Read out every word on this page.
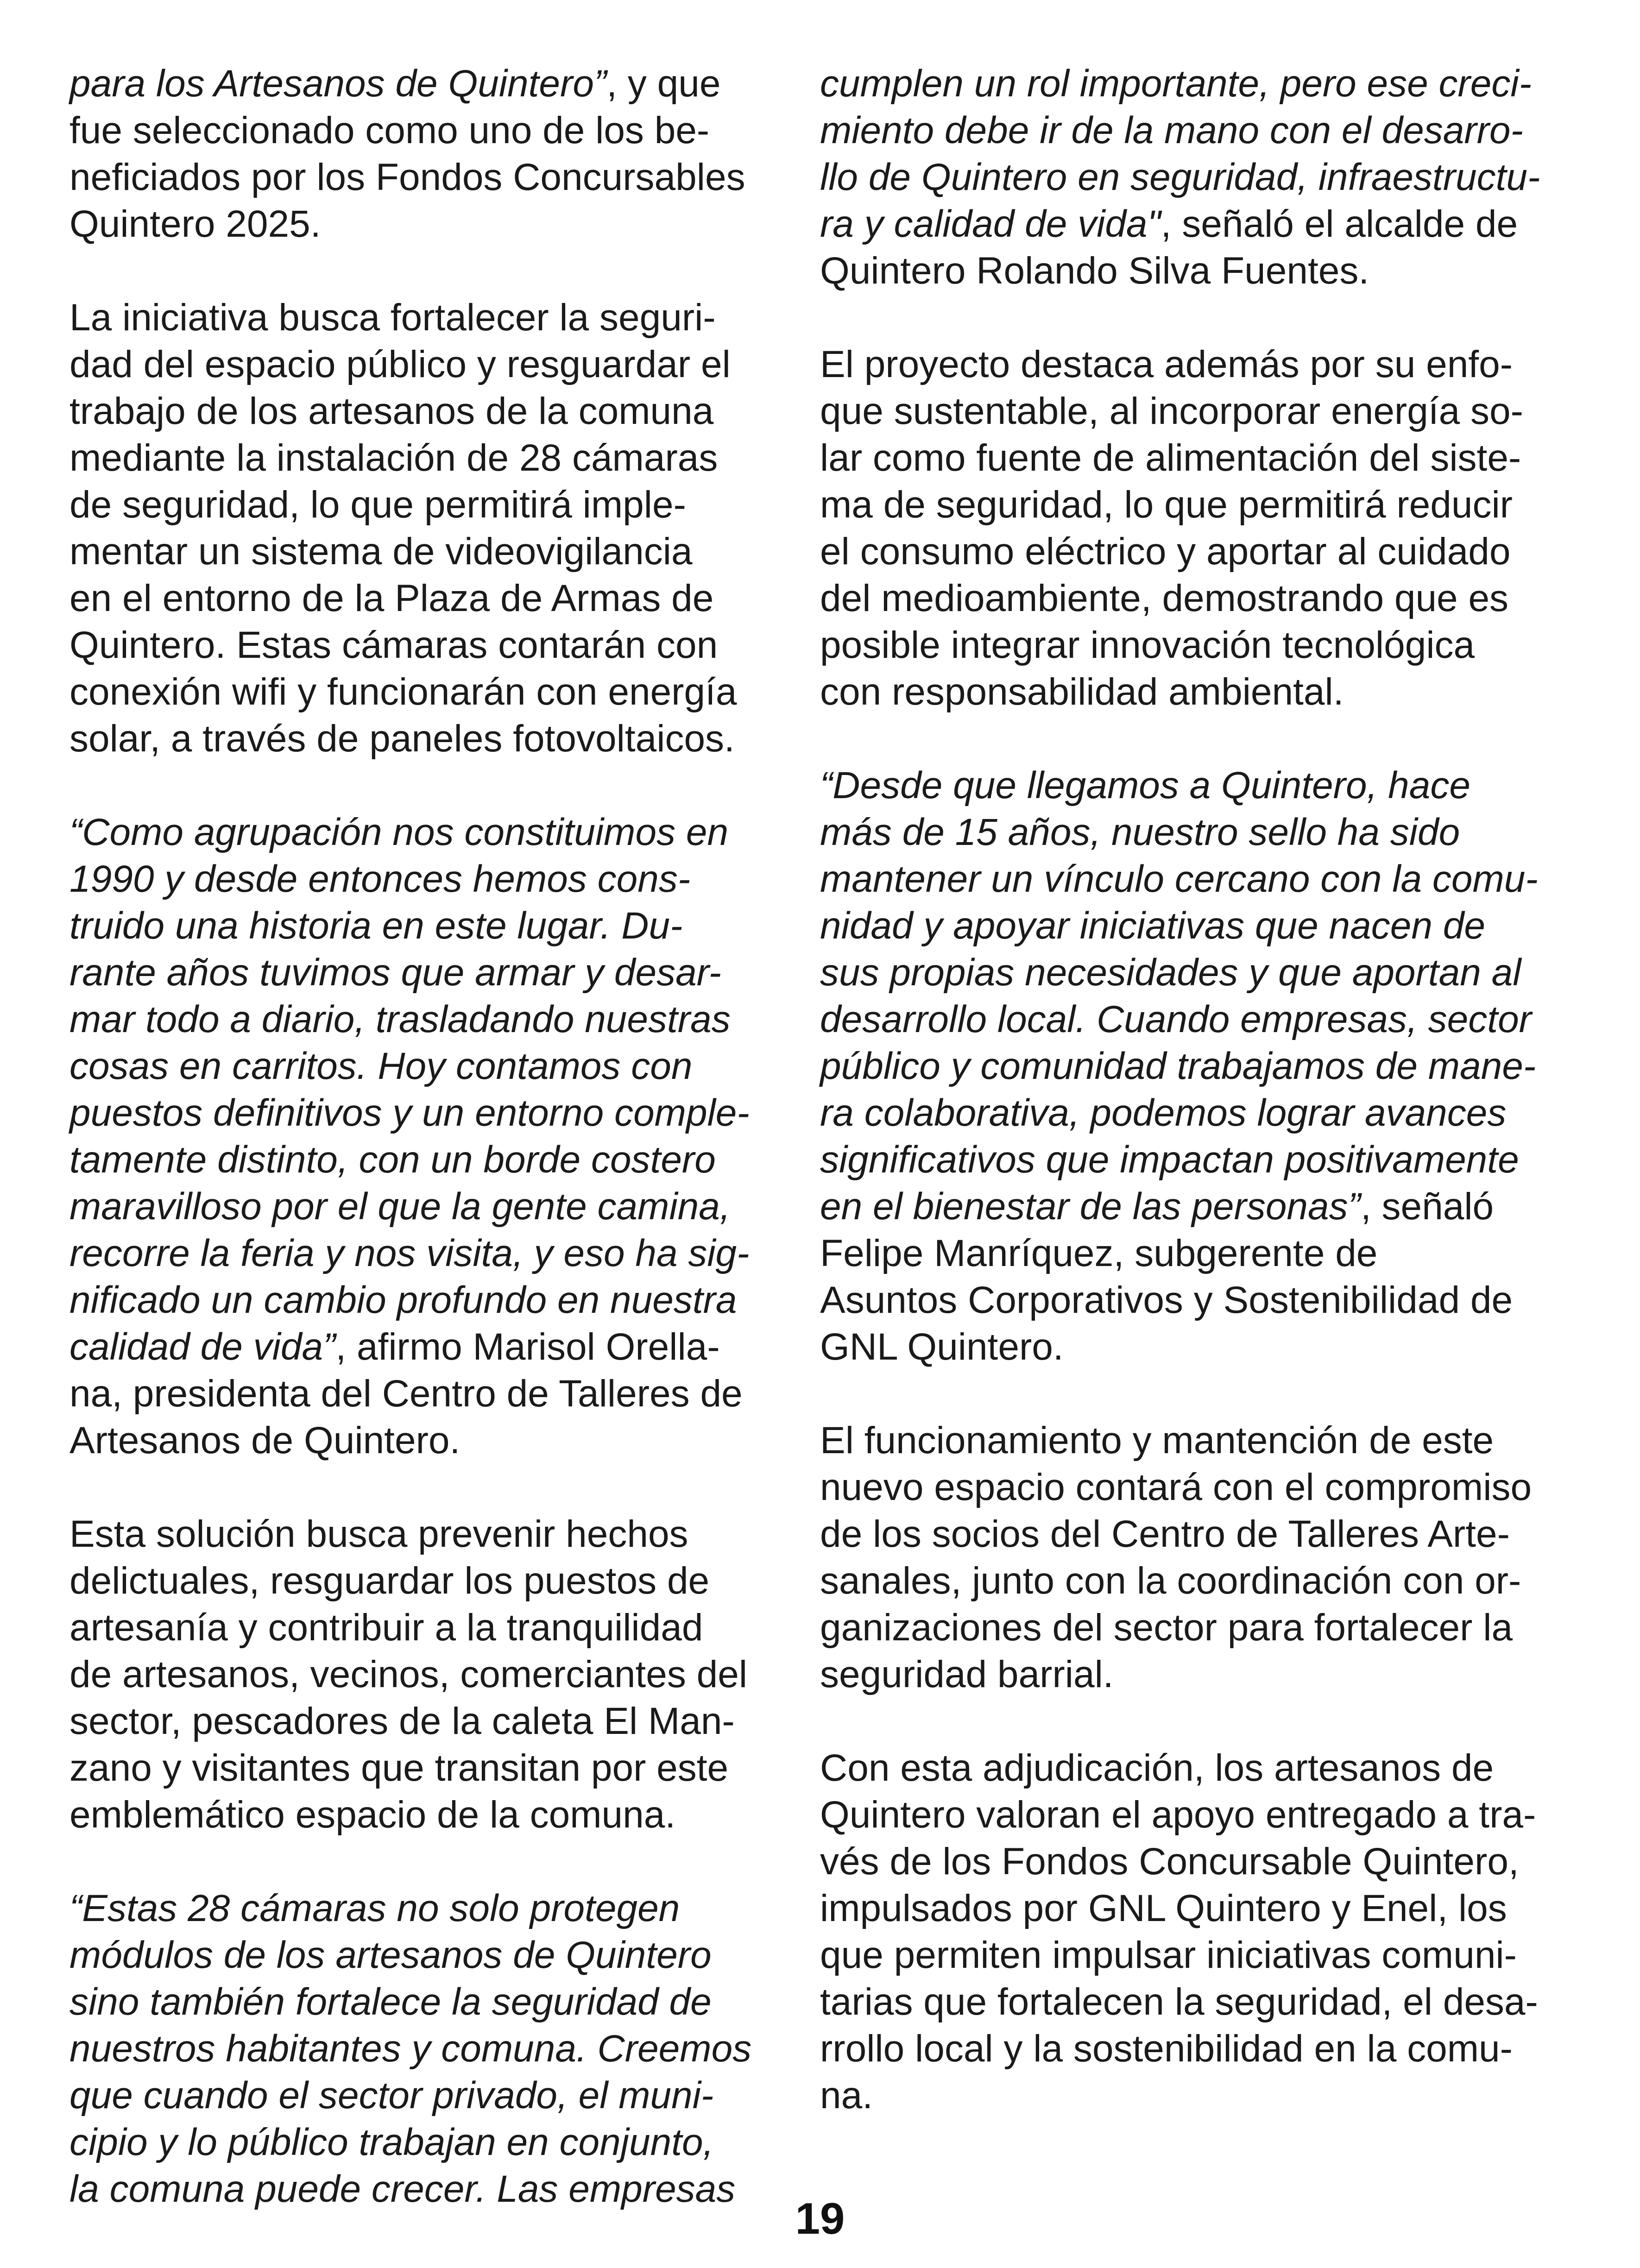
para los Artesanos de Quintero”, y que
fue seleccionado como uno de los be-
neficiados por los Fondos Concursables
Quintero 2025.
La iniciativa busca fortalecer la seguri-
dad del espacio público y resguardar el
trabajo de los artesanos de la comuna
mediante la instalación de 28 cámaras
de seguridad, lo que permitirá imple-
mentar un sistema de videovigilancia
en el entorno de la Plaza de Armas de
Quintero. Estas cámaras contarán con
conexión wifi y funcionarán con energía
solar, a través de paneles fotovoltaicos.
“Como agrupación nos constituimos en
1990 y desde entonces hemos cons-
truido una historia en este lugar. Du-
rante años tuvimos que armar y desar-
mar todo a diario, trasladando nuestras
cosas en carritos. Hoy contamos con
puestos definitivos y un entorno comple-
tamente distinto, con un borde costero
maravilloso por el que la gente camina,
recorre la feria y nos visita, y eso ha sig-
nificado un cambio profundo en nuestra
calidad de vida”, afirmo Marisol Orella-
na, presidenta del Centro de Talleres de
Artesanos de Quintero.
Esta solución busca prevenir hechos
delictuales, resguardar los puestos de
artesanía y contribuir a la tranquilidad
de artesanos, vecinos, comerciantes del
sector, pescadores de la caleta El Man-
zano y visitantes que transitan por este
emblemático espacio de la comuna.
“Estas 28 cámaras no solo protegen
módulos de los artesanos de Quintero
sino también fortalece la seguridad de
nuestros habitantes y comuna. Creemos
que cuando el sector privado, el muni-
cipio y lo público trabajan en conjunto,
la comuna puede crecer. Las empresas
cumplen un rol importante, pero ese creci-
miento debe ir de la mano con el desarro-
llo de Quintero en seguridad, infraestructu-
ra y calidad de vida", señaló el alcalde de
Quintero Rolando Silva Fuentes.
El proyecto destaca además por su enfo-
que sustentable, al incorporar energía so-
lar como fuente de alimentación del siste-
ma de seguridad, lo que permitirá reducir
el consumo eléctrico y aportar al cuidado
del medioambiente, demostrando que es
posible integrar innovación tecnológica
con responsabilidad ambiental.
“Desde que llegamos a Quintero, hace
más de 15 años, nuestro sello ha sido
mantener un vínculo cercano con la comu-
nidad y apoyar iniciativas que nacen de
sus propias necesidades y que aportan al
desarrollo local. Cuando empresas, sector
público y comunidad trabajamos de mane-
ra colaborativa, podemos lograr avances
significativos que impactan positivamente
en el bienestar de las personas”, señaló
Felipe Manríquez, subgerente de
Asuntos Corporativos y Sostenibilidad de
GNL Quintero.
El funcionamiento y mantención de este
nuevo espacio contará con el compromiso
de los socios del Centro de Talleres Arte-
sanales, junto con la coordinación con or-
ganizaciones del sector para fortalecer la
seguridad barrial.
Con esta adjudicación, los artesanos de
Quintero valoran el apoyo entregado a tra-
vés de los Fondos Concursable Quintero,
impulsados por GNL Quintero y Enel, los
que permiten impulsar iniciativas comuni-
tarias que fortalecen la seguridad, el desa-
rrollo local y la sostenibilidad en la comu-
na.
19
